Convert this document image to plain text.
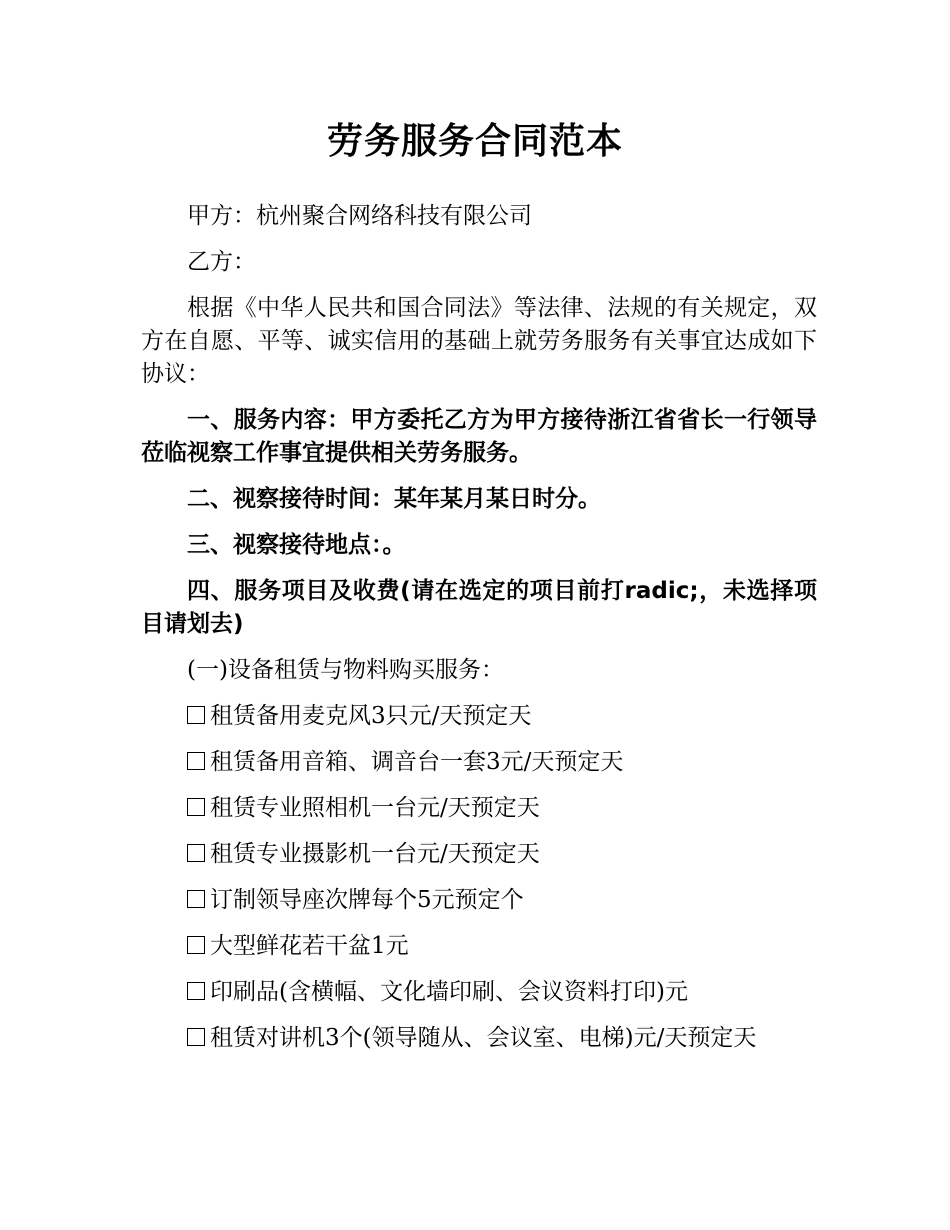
劳务服务合同范本

甲方：杭州聚合网络科技有限公司

乙方：

根据《中华人民共和国合同法》等法律、法规的有关规定，双方在自愿、平等、诚实信用的基础上就劳务服务有关事宜达成如下协议：

一、服务内容：甲方委托乙方为甲方接待浙江省省长一行领导莅临视察工作事宜提供相关劳务服务。

二、视察接待时间：某年某月某日时分。

三、视察接待地点：。

四、服务项目及收费(请在选定的项目前打radic;，未选择项目请划去)

(一)设备租赁与物料购买服务：

租赁备用麦克风3只元/天预定天

租赁备用音箱、调音台一套3元/天预定天

租赁专业照相机一台元/天预定天

租赁专业摄影机一台元/天预定天

订制领导座次牌每个5元预定个

大型鲜花若干盆1元

印刷品(含横幅、文化墙印刷、会议资料打印)元

租赁对讲机3个(领导随从、会议室、电梯)元/天预定天
